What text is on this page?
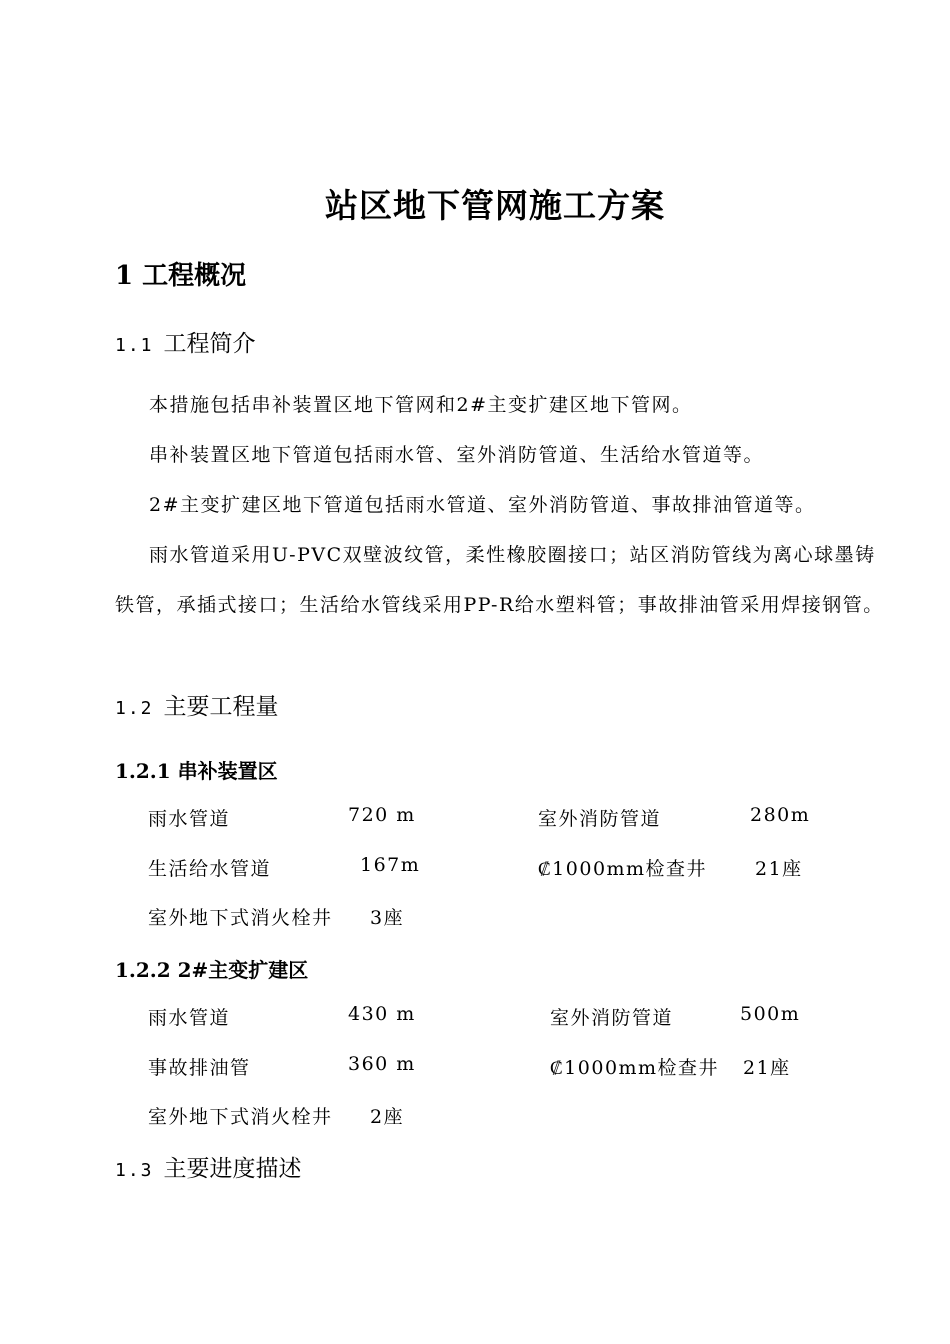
站区地下管网施工方案
1 工程概况
1.1 工程简介
本措施包括串补装置区地下管网和2#主变扩建区地下管网。
串补装置区地下管道包括雨水管、室外消防管道、生活给水管道等。
2#主变扩建区地下管道包括雨水管道、室外消防管道、事故排油管道等。
雨水管道采用U-PVC双壁波纹管，柔性橡胶圈接口；站区消防管线为离心球墨铸铁管，承插式接口；生活给水管线采用PP-R给水塑料管；事故排油管采用焊接钢管。
1.2 主要工程量
1.2.1 串补装置区
雨水管道	720 m	室外消防管道	280m
生活给水管道	167m	₡1000mm检查井	21座
室外地下式消火栓井 3座
1.2.2 2#主变扩建区
雨水管道	430 m	室外消防管道	500m
事故排油管	360 m	₡1000mm检查井 21座
室外地下式消火栓井 2座
1.3 主要进度描述
